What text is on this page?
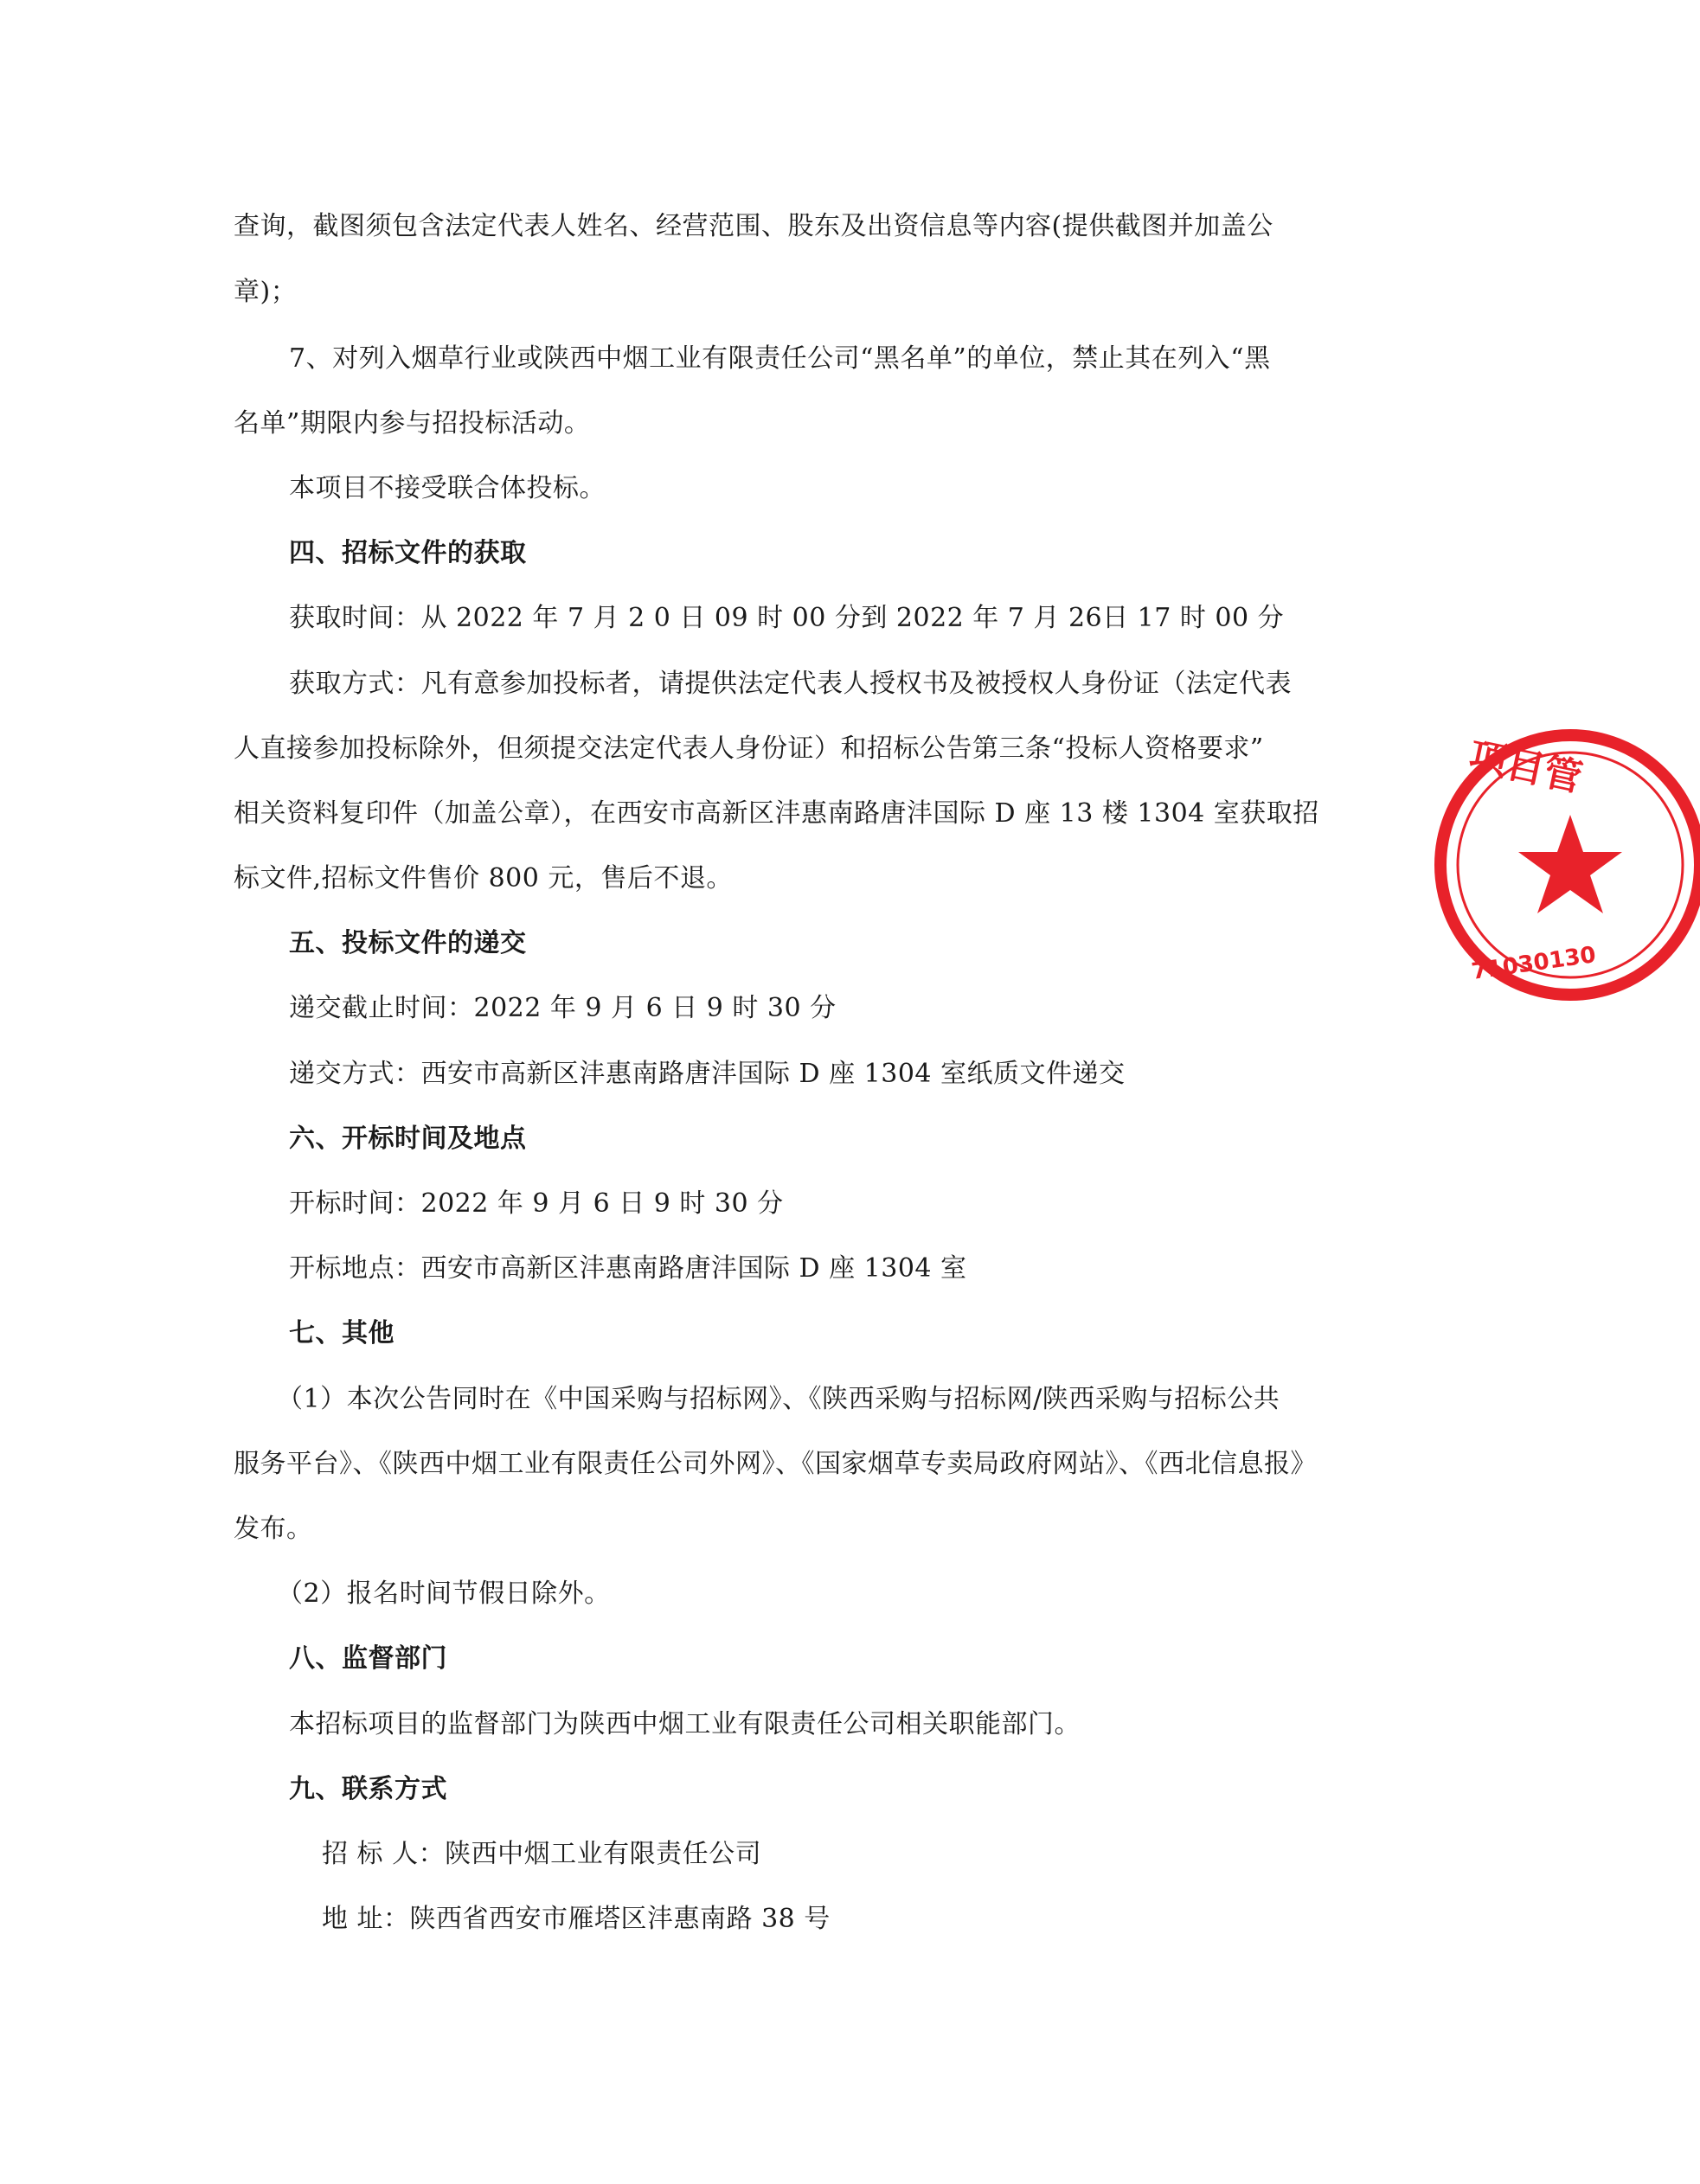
查询，截图须包含法定代表人姓名、经营范围、股东及出资信息等内容(提供截图并加盖公
章)；
7、对列入烟草行业或陕西中烟工业有限责任公司“黑名单”的单位，禁止其在列入“黑
名单”期限内参与招投标活动。
本项目不接受联合体投标。
四、招标文件的获取
获取时间：从 2022 年 7 月 2 0 日 09 时 00 分到 2022 年 7 月 26日 17 时 00 分
获取方式：凡有意参加投标者，请提供法定代表人授权书及被授权人身份证（法定代表
人直接参加投标除外，但须提交法定代表人身份证）和招标公告第三条“投标人资格要求”
相关资料复印件（加盖公章），在西安市高新区沣惠南路唐沣国际 D 座 13 楼 1304 室获取招
标文件,招标文件售价 800 元，售后不退。
五、投标文件的递交
递交截止时间：2022 年 9 月 6 日 9 时 30 分
递交方式：西安市高新区沣惠南路唐沣国际 D 座 1304 室纸质文件递交
六、开标时间及地点
开标时间：2022 年 9 月 6 日 9 时 30 分
开标地点：西安市高新区沣惠南路唐沣国际 D 座 1304 室
七、其他
（1）本次公告同时在《中国采购与招标网》、《陕西采购与招标网/陕西采购与招标公共
服务平台》、《陕西中烟工业有限责任公司外网》、《国家烟草专卖局政府网站》、《西北信息报》
发布。
（2）报名时间节假日除外。
八、监督部门
本招标项目的监督部门为陕西中烟工业有限责任公司相关职能部门。
九、联系方式
招 标 人：陕西中烟工业有限责任公司
地 址：陕西省西安市雁塔区沣惠南路 38 号
项目管
71030130
